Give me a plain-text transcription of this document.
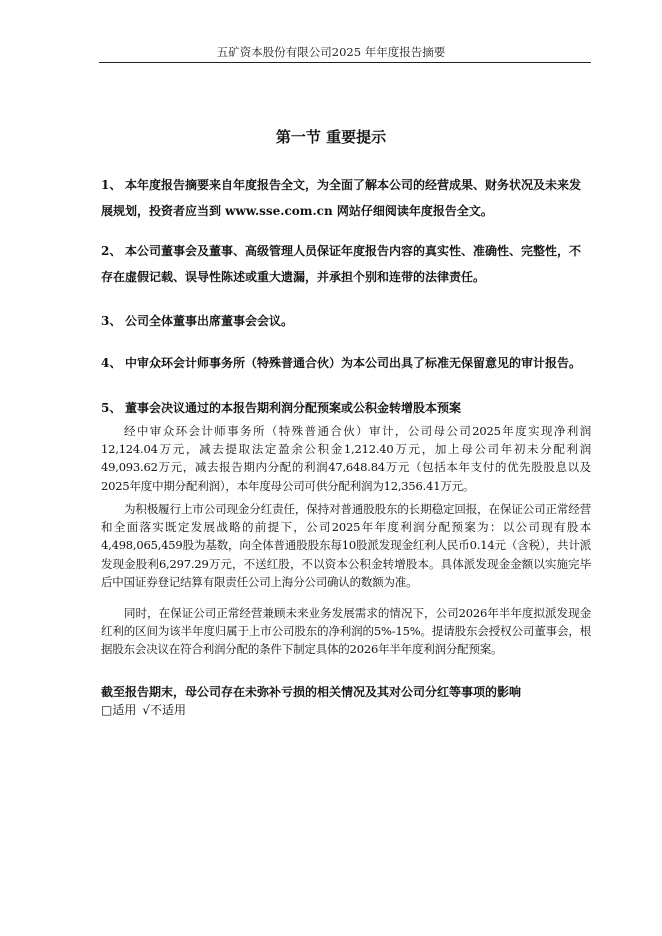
五矿资本股份有限公司2025 年年度报告摘要
第一节 重要提示
1、 本年度报告摘要来自年度报告全文，为全面了解本公司的经营成果、财务状况及未来发展规划，投资者应当到 www.sse.com.cn 网站仔细阅读年度报告全文。
2、 本公司董事会及董事、高级管理人员保证年度报告内容的真实性、准确性、完整性，不存在虚假记载、误导性陈述或重大遗漏，并承担个别和连带的法律责任。
3、 公司全体董事出席董事会会议。
4、 中审众环会计师事务所（特殊普通合伙）为本公司出具了标准无保留意见的审计报告。
5、 董事会决议通过的本报告期利润分配预案或公积金转增股本预案
经中审众环会计师事务所（特殊普通合伙）审计，公司母公司2025年度实现净利润12,124.04万元，减去提取法定盈余公积金1,212.40万元，加上母公司年初未分配利润49,093.62万元，减去报告期内分配的利润47,648.84万元（包括本年支付的优先股股息以及2025年度中期分配利润），本年度母公司可供分配利润为12,356.41万元。
为积极履行上市公司现金分红责任，保持对普通股股东的长期稳定回报，在保证公司正常经营和全面落实既定发展战略的前提下，公司2025年年度利润分配预案为：以公司现有股本4,498,065,459股为基数，向全体普通股股东每10股派发现金红利人民币0.14元（含税），共计派发现金股利6,297.29万元，不送红股，不以资本公积金转增股本。具体派发现金金额以实施完毕后中国证券登记结算有限责任公司上海分公司确认的数额为准。
同时，在保证公司正常经营兼顾未来业务发展需求的情况下，公司2026年半年度拟派发现金红利的区间为该半年度归属于上市公司股东的净利润的5%-15%。提请股东会授权公司董事会，根据股东会决议在符合利润分配的条件下制定具体的2026年半年度利润分配预案。
截至报告期末，母公司存在未弥补亏损的相关情况及其对公司分红等事项的影响
□适用 √不适用
